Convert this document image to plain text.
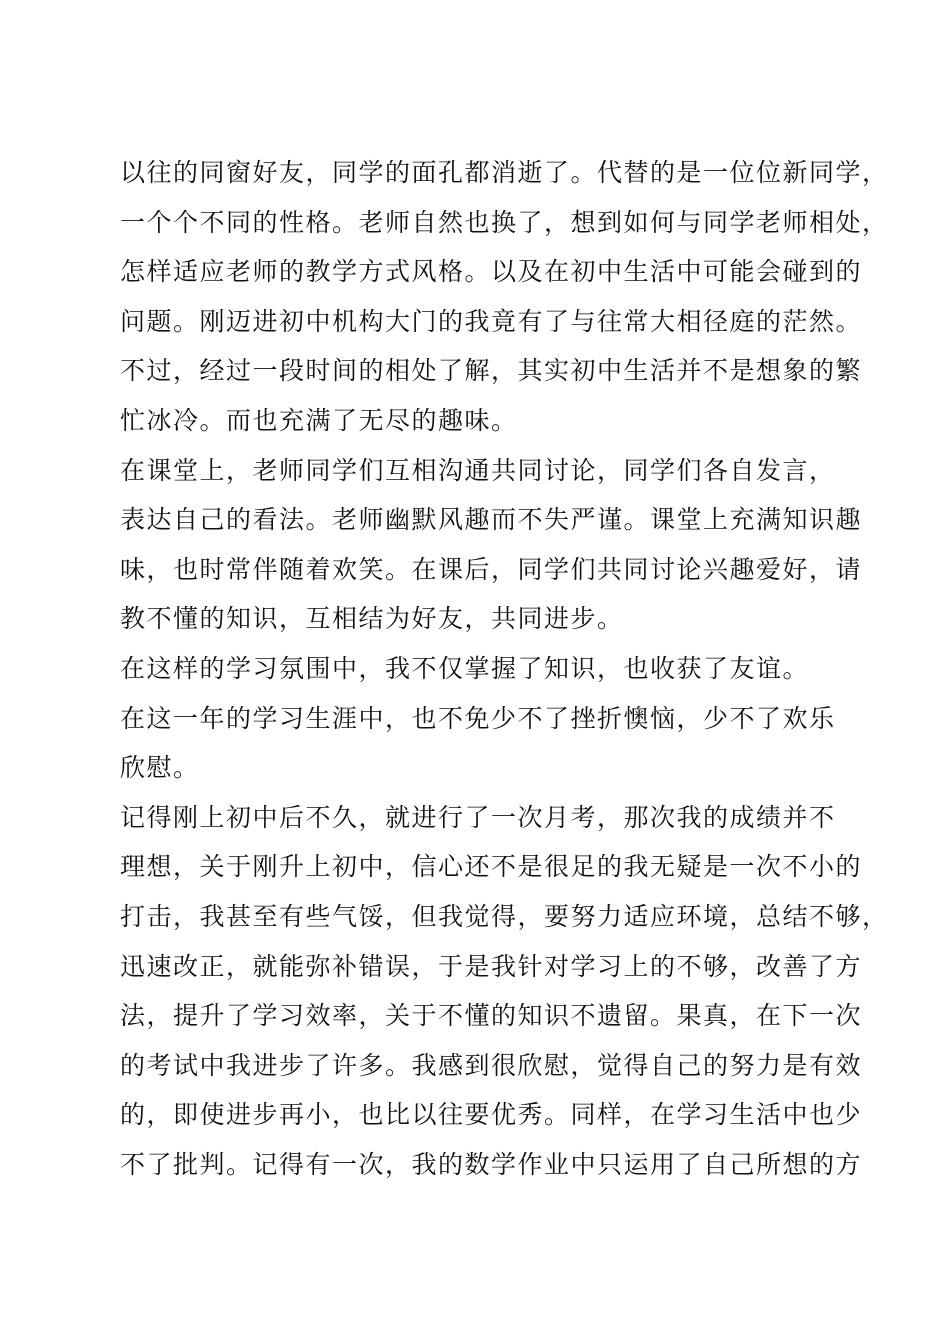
以往的同窗好友，同学的面孔都消逝了。代替的是一位位新同学，
一个个不同的性格。老师自然也换了，想到如何与同学老师相处，
怎样适应老师的教学方式风格。以及在初中生活中可能会碰到的
问题。刚迈进初中机构大门的我竟有了与往常大相径庭的茫然。
不过，经过一段时间的相处了解，其实初中生活并不是想象的繁
忙冰冷。而也充满了无尽的趣味。
在课堂上，老师同学们互相沟通共同讨论，同学们各自发言，
表达自己的看法。老师幽默风趣而不失严谨。课堂上充满知识趣
味，也时常伴随着欢笑。在课后，同学们共同讨论兴趣爱好，请
教不懂的知识，互相结为好友，共同进步。
在这样的学习氛围中，我不仅掌握了知识，也收获了友谊。
在这一年的学习生涯中，也不免少不了挫折懊恼，少不了欢乐
欣慰。
记得刚上初中后不久，就进行了一次月考，那次我的成绩并不
理想，关于刚升上初中，信心还不是很足的我无疑是一次不小的
打击，我甚至有些气馁，但我觉得，要努力适应环境，总结不够，
迅速改正，就能弥补错误，于是我针对学习上的不够，改善了方
法，提升了学习效率，关于不懂的知识不遗留。果真，在下一次
的考试中我进步了许多。我感到很欣慰，觉得自己的努力是有效
的，即使进步再小，也比以往要优秀。同样，在学习生活中也少
不了批判。记得有一次，我的数学作业中只运用了自己所想的方
